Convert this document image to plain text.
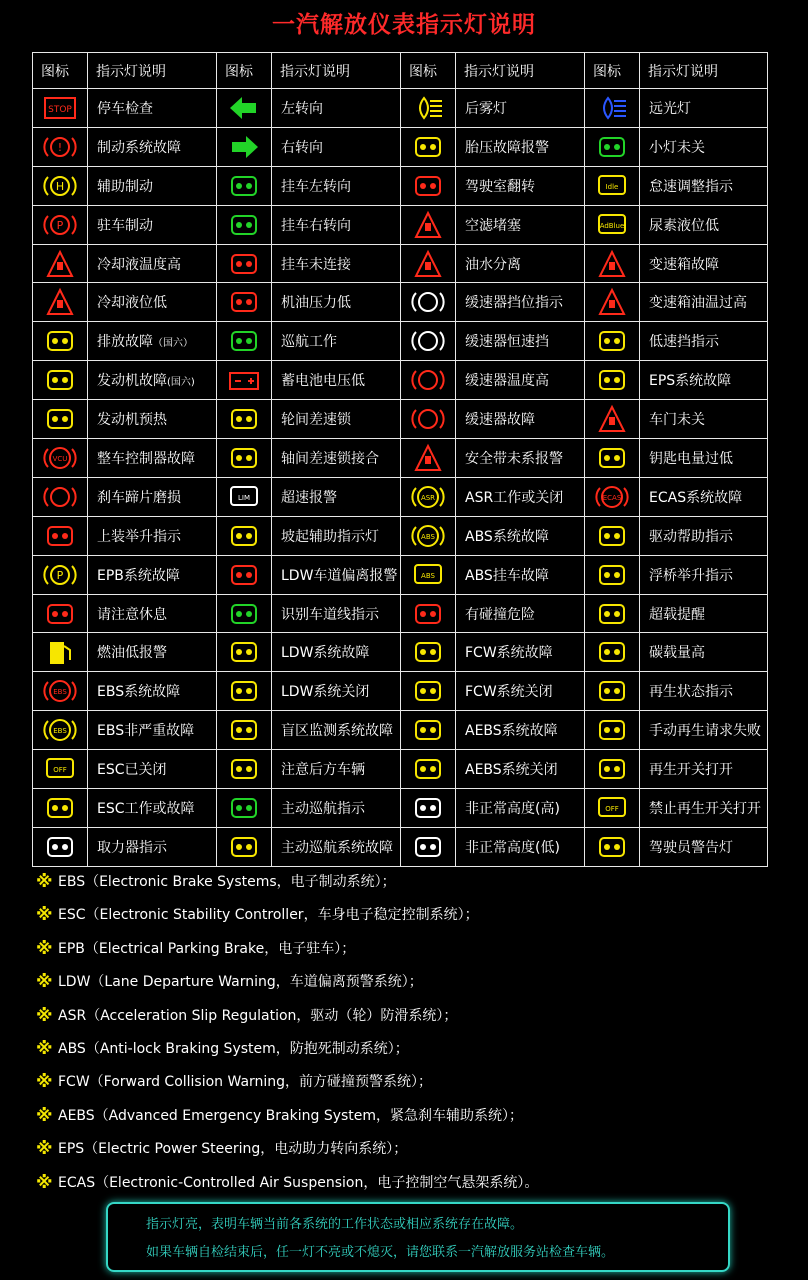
一汽解放仪表指示灯说明
图标	指示灯说明	图标	指示灯说明	图标	指示灯说明	图标	指示灯说明

STOP	停车检查		左转向		后雾灯		远光灯

!	制动系统故障		右转向		胎压故障报警		小灯未关

H	辅助制动		挂车左转向		驾驶室翻转	Idle	怠速调整指示

P	驻车制动		挂车右转向		空滤堵塞	AdBlue	尿素液位低

	冷却液温度高		挂车未连接		油水分离		变速箱故障

	冷却液位低		机油压力低		缓速器挡位指示		变速箱油温过高

	排放故障（国六）		巡航工作		缓速器恒速挡		低速挡指示

	发动机故障(国六)		蓄电池电压低		缓速器温度高		EPS系统故障

	发动机预热		轮间差速锁		缓速器故障		车门未关

VCU	整车控制器故障		轴间差速锁接合		安全带未系报警		钥匙电量过低

	刹车蹄片磨损	LIM	超速报警	ASR	ASR工作或关闭	ECAS	ECAS系统故障

	上装举升指示		坡起辅助指示灯	ABS	ABS系统故障		驱动帮助指示

P	EPB系统故障		LDW车道偏离报警	ABS	ABS挂车故障		浮桥举升指示

	请注意休息		识别车道线指示		有碰撞危险		超载提醒

	燃油低报警		LDW系统故障		FCW系统故障		碳载量高

EBS	EBS系统故障		LDW系统关闭		FCW系统关闭		再生状态指示

EBS	EBS非严重故障		盲区监测系统故障		AEBS系统故障		手动再生请求失败

OFF	ESC已关闭		注意后方车辆		AEBS系统关闭		再生开关打开

	ESC工作或故障		主动巡航指示		非正常高度(高)	OFF	禁止再生开关打开

	取力器指示		主动巡航系统故障		非正常高度(低)		驾驶员警告灯
※ EBS（Electronic Brake Systems，电子制动系统）；
※ ESC（Electronic Stability Controller，车身电子稳定控制系统）；
※ EPB（Electrical Parking Brake，电子驻车）；
※ LDW（Lane Departure Warning，车道偏离预警系统）；
※ ASR（Acceleration Slip Regulation，驱动（轮）防滑系统）；
※ ABS（Anti-lock Braking System，防抱死制动系统）；
※ FCW（Forward Collision Warning，前方碰撞预警系统）；
※ AEBS（Advanced Emergency Braking System，紧急刹车辅助系统）；
※ EPS（Electric Power Steering，电动助力转向系统）；
※ ECAS（Electronic-Controlled Air Suspension，电子控制空气悬架系统）。
指示灯亮，表明车辆当前各系统的工作状态或相应系统存在故障。
如果车辆自检结束后，任一灯不亮或不熄灭，请您联系一汽解放服务站检查车辆。
